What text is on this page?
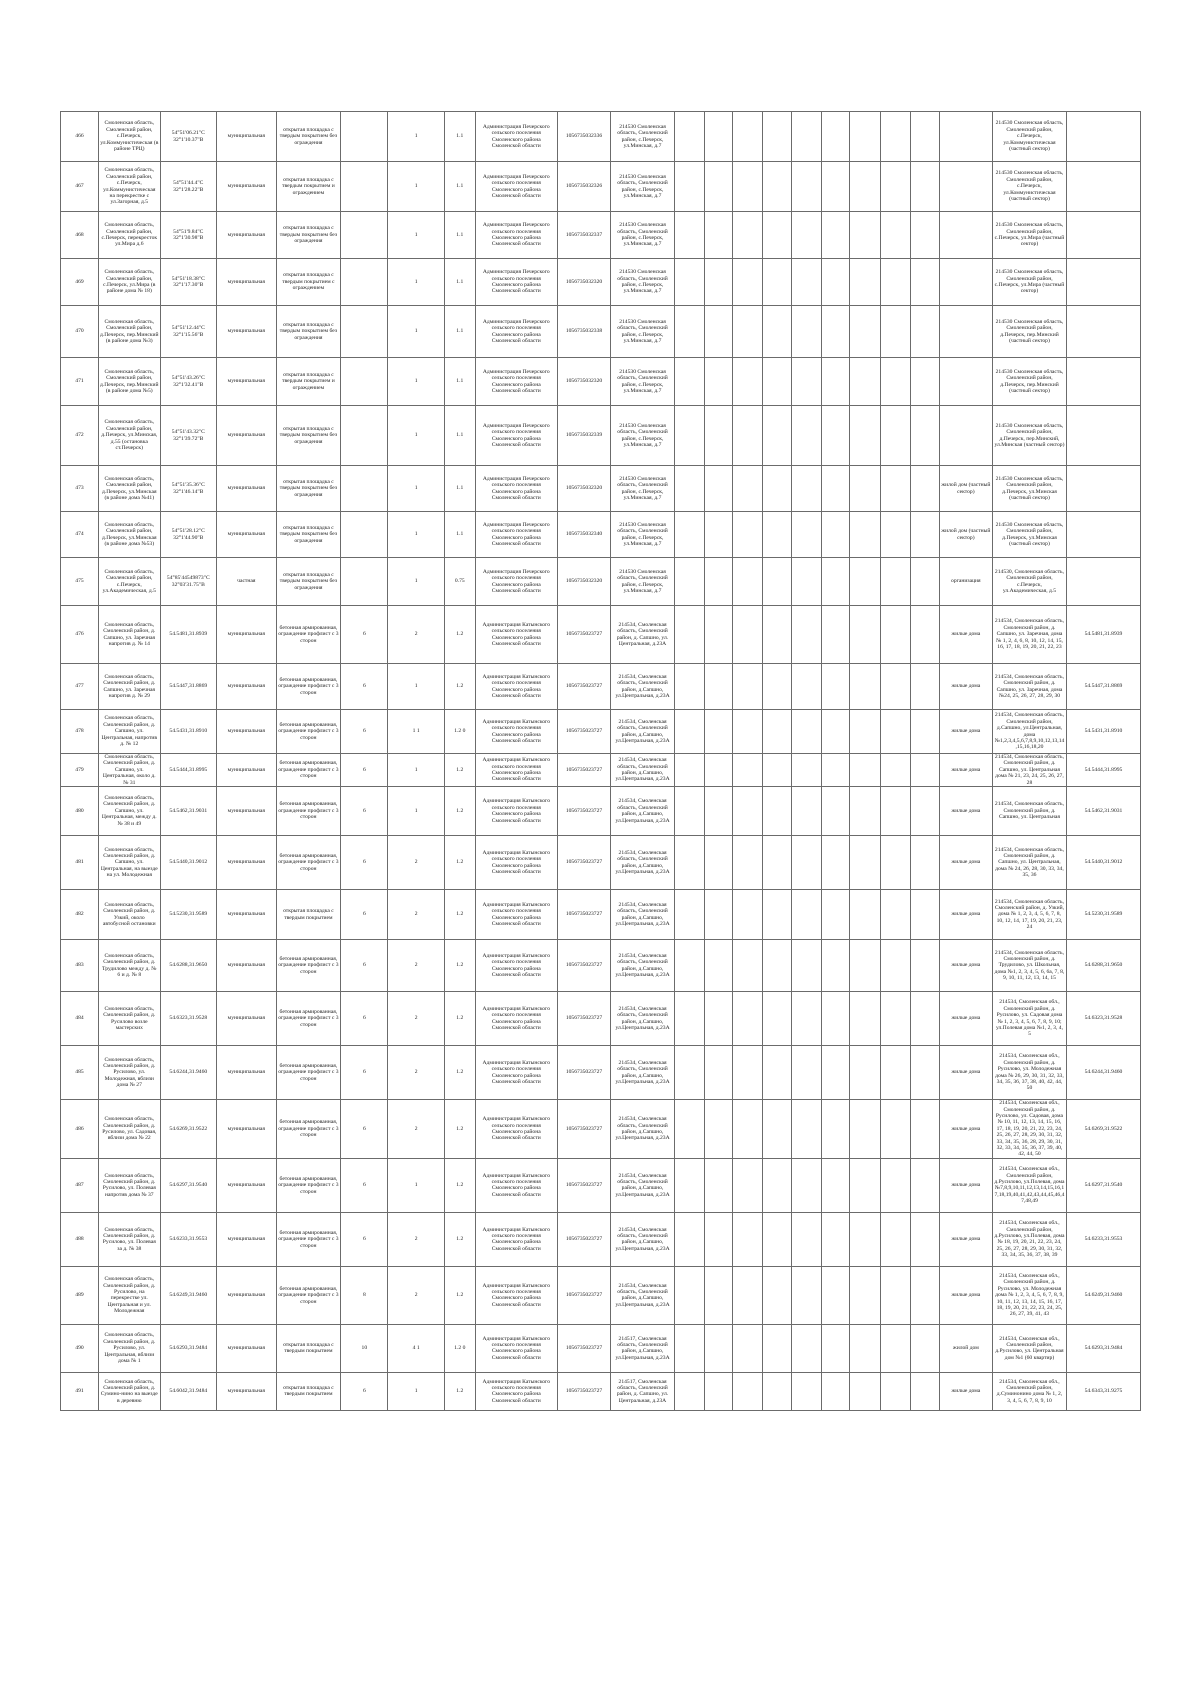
466	Смоленская область, Смоленский район, с.Печерск, ул.Коммунистическая (в районе ТРЦ)	54°51'06.21"С 32°1'10.37"В	муниципальная	открытая площадка с твердым покрытием без ограждения		1	1.1	Администрация Печерского сельского поселения Смоленского района Смоленской области	1056735032336	214530 Смоленская область, Смоленский район, с.Печерск, ул.Минская, д.7											214530 Смоленская область, Смоленский район, с.Печерск, ул.Коммунистическая (частный сектор)	
467	Смоленская область, Смоленский район, с.Печерск, ул.Коммунистическая на перекрестке с ул.Загорная, д.5	54°51'44.4"С 32°1'28.22"В	муниципальная	открытая площадка с твердым покрытием и ограждением		1	1.1	Администрация Печерского сельского поселения Смоленского района Смоленской области	1056735032326	214530 Смоленская область, Смоленский район, с.Печерск, ул.Минская, д.7											214530 Смоленская область, Смоленский район, с.Печерск, ул.Коммунистическая (частный сектор)	
468	Смоленская область, Смоленский район, с.Печерск, перекресток ул.Мира д.6	54°51'9.84"С 32°1'30.98"В	муниципальная	открытая площадка с твердым покрытием без ограждения		1	1.1	Администрация Печерского сельского поселения Смоленского района Смоленской области	1056735032337	214530 Смоленская область, Смоленский район, с.Печерск, ул.Минская, д.7											214530 Смоленская область, Смоленский район, с.Печерск, ул.Мира (частный сектор)	
469	Смоленская область, Смоленский район, с.Печерск, ул.Мира (в районе дома № 18)	54°51'18.38"С 32°1'17.30"В	муниципальная	открытая площадка с твердым покрытием с ограждением		1	1.1	Администрация Печерского сельского поселения Смоленского района Смоленской области	1056735032320	214530 Смоленская область, Смоленский район, с.Печерск, ул.Минская, д.7											214530 Смоленская область, Смоленский район, с.Печерск, ул.Мира (частный сектор)	
470	Смоленская область, Смоленский район, д.Печерск, пер.Минский (в районе дома №3)	54°51'12.44"С 32°1'15.56"В	муниципальная	открытая площадка с твердым покрытием без ограждения		1	1.1	Администрация Печерского сельского поселения Смоленского района Смоленской области	1056735032338	214530 Смоленская область, Смоленский район, с.Печерск, ул.Минская, д.7											214530 Смоленская область, Смоленский район, д.Печерск, пер.Минский (частный сектор)	
471	Смоленская область, Смоленский район, д.Печерск, пер.Минский (в районе дома №5)	54°51'43.26"С 32°1'32.41"В	муниципальная	открытая площадка с твердым покрытием и ограждением		1	1.1	Администрация Печерского сельского поселения Смоленского района Смоленской области	1056735032320	214530 Смоленская область, Смоленский район, с.Печерск, ул.Минская, д.7											214530 Смоленская область, Смоленский район, д.Печерск, пер.Минский (частный сектор)	
472	Смоленская область, Смоленский район, д.Печерск, ул.Минская, д.55 (остановка ст.Печерск)	54°51'43.32"С 32°1'39.72"В	муниципальная	открытая площадка с твердым покрытием без ограждения		1	1.1	Администрация Печерского сельского поселения Смоленского района Смоленской области	1056735032339	214530 Смоленская область, Смоленский район, с.Печерск, ул.Минская, д.7											214530 Смоленская область, Смоленский район, д.Печерск, пер.Минский, ул.Минская (частный сектор)	
473	Смоленская область, Смоленский район, д.Печерск, ул.Минская (в районе дома №41)	54°51'35.36"С 32°1'46.14"В	муниципальная	открытая площадка с твердым покрытием без ограждения		1	1.1	Администрация Печерского сельского поселения Смоленского района Смоленской области	1056735032320	214530 Смоленская область, Смоленский район, с.Печерск, ул.Минская, д.7										жилой дом (частный сектор)	214530 Смоленская область, Смоленский район, д.Печерск, ул.Минская (частный сектор)	
474	Смоленская область, Смоленский район, д.Печерск, ул.Минская (в районе дома №53)	54°51'28.12"С 32°1'44.90"В	муниципальная	открытая площадка с твердым покрытием без ограждения		1	1.1	Администрация Печерского сельского поселения Смоленского района Смоленской области	1056735032340	214530 Смоленская область, Смоленский район, с.Печерск, ул.Минская, д.7										жилой дом (частный сектор)	214530 Смоленская область, Смоленский район, д.Печерск, ул.Минская (частный сектор)	
475	Смоленская область, Смоленский район, с.Печерск, ул.Академическая, д.5	54°85'44549873"С 32°03'31.75"В	частная	открытая площадка с твердым покрытием без ограждения		1	0.75	Администрация Печерского сельского поселения Смоленского района Смоленской области	1056735032320	214530 Смоленская область, Смоленский район, с.Печерск, ул.Минская, д.7										организация	214530, Смоленская область, Смоленский район, с.Печерск, ул.Академическая, д.5	
476	Смоленская область, Смоленский район, д. Сапшно, ул. Заречная напротив д. № 14	54.5481,31.8939	муниципальная	бетонная армированная, ограждение профлист с 3 сторон	6	2	1.2	Администрация Катынского сельского поселения Смоленского района Смоленской области	1056735023727	214534, Смоленская область, Смоленский район, д. Сапшно, ул. Центральная, д.23А										жилые дома	214534, Смоленская область, Смоленский район, д. Сапшно, ул. Заречная, дома № 1, 2, 4, 6, 8, 10, 12, 14, 15, 16, 17, 18, 19, 20, 21, 22, 23	54.5481,31.8939
477	Смоленская область, Смоленский район, д. Сапшно, ул. Заречная напротив д. № 29	54.5447,31.8869	муниципальная	бетонная армированная, ограждение профлист с 3 сторон	6	1	1.2	Администрация Катынского сельского поселения Смоленского района Смоленской области	1056735023727	214534, Смоленская область, Смоленский район, д.Сапшно, ул.Центральная, д.23А										жилые дома	214534, Смоленская область, Смоленский район, д. Сапшно, ул. Заречная, дома №24, 25, 26, 27, 28, 29, 30	54.5447,31.8869
478	Смоленская область, Смоленский район, д. Сапшно, ул. Центральная, напротив д. № 12	54.5431,31.8910	муниципальная	бетонная армированная, ограждение профлист с 3 сторон	6	1 1	1.2 0	Администрация Катынского сельского поселения Смоленского района Смоленской области	1056735023727	214534, Смоленская область, Смоленский район, д.Сапшно, ул.Центральная, д.23А										жилые дома	214534, Смоленская область, Смоленский район, д.Сапшно, ул.Центральная, дома №1,2,3,4,5,6,7,8,9,10,12,13,14,15,16,18,20	54.5431,31.8910
479	Смоленская область, Смоленский район, д. Сапшно, ул. Центральная, около д. № 31	54.5444,31.8995	муниципальная	бетонная армированная, ограждение профлист с 3 сторон	6	1	1.2	Администрация Катынского сельского поселения Смоленского района Смоленской области	1056735023727	214534, Смоленская область, Смоленский район, д.Сапшно, ул.Центральная, д.23А										жилые дома	214534, Смоленская область, Смоленский район, д. Сапшно, ул. Центральная дома № 21, 23, 24, 25, 26, 27, 28	54.5444,31.8995
480	Смоленская область, Смоленский район, д. Сапшно, ул. Центральная, между д. № 38 и 49	54.5462,31.9031	муниципальная	бетонная армированная, ограждение профлист с 3 сторон	6	1	1.2	Администрация Катынского сельского поселения Смоленского района Смоленской области	1056735023727	214534, Смоленская область, Смоленский район, д.Сапшно, ул.Центральная, д.23А										жилые дома	214534, Смоленская область, Смоленский район, д. Сапшно, ул. Центральная	54.5462,31.9031
481	Смоленская область, Смоленский район, д. Сапшно, ул. Центральная, на выезде на ул. Молодежная	54.5440,31.9012	муниципальная	бетонная армированная, ограждение профлист с 3 сторон	6	2	1.2	Администрация Катынского сельского поселения Смоленского района Смоленской области	1056735023727	214534, Смоленская область, Смоленский район, д.Сапшно, ул.Центральная, д.23А										жилые дома	214534, Смоленская область, Смоленский район, д. Сапшно, ул. Центральная, дома № 24, 26, 28, 30, 33, 34, 35, 36	54.5440,31.9012
482	Смоленская область, Смоленский район, д. Узкий, около автобусной остановки	54.5230,31.9589	муниципальная	открытая площадка с твердым покрытием	6	2	1.2	Администрация Катынского сельского поселения Смоленского района Смоленской области	1056735023727	214534, Смоленская область, Смоленский район, д.Сапшно, ул.Центральная, д.23А										жилые дома	214534, Смоленская область, Смоленский район, д. Узкий, дома № 1, 2, 3, 4, 5, 6, 7, 8, 10, 12, 14, 17, 19, 20, 21, 23, 24	54.5230,31.9589
483	Смоленская область, Смоленский район, д. Трудилово между д. № 6 и д. № 8	54.6288,31.9650	муниципальная	бетонная армированная, ограждение профлист с 3 сторон	6	2	1.2	Администрация Катынского сельского поселения Смоленского района Смоленской области	1056735023727	214534, Смоленская область, Смоленский район, д.Сапшно, ул.Центральная, д.23А										жилые дома	214534, Смоленская область, Смоленский район, д. Трудилово, ул. Школьная, дома №1, 2, 3, 4, 5, 6, 6а, 7, 8, 9, 10, 11, 12, 13, 14, 15	54.6288,31.9650
484	Смоленская область, Смоленский район, д. Русилово возле мастерских	54.6323,31.9528	муниципальная	бетонная армированная, ограждение профлист с 3 сторон	6	2	1.2	Администрация Катынского сельского поселения Смоленского района Смоленской области	1056735023727	214534, Смоленская область, Смоленский район, д.Сапшно, ул.Центральная, д.23А										жилые дома	214534, Смоленская обл., Смоленский район, д. Русилово, ул. Садовая дома № 1, 2, 3, 4, 5, 6, 7, 8, 9, 10; ул.Полевая дома №1, 2, 3, 4, 5	54.6323,31.9528
485	Смоленская область, Смоленский район, д. Русилово, ул. Молодежная, вблизи дома № 27	54.6244,31.9460	муниципальная	бетонная армированная, ограждение профлист с 3 сторон	6	2	1.2	Администрация Катынского сельского поселения Смоленского района Смоленской области	1056735023727	214534, Смоленская область, Смоленский район, д.Сапшно, ул.Центральная, д.23А										жилые дома	214534, Смоленская обл., Смоленский район, д. Русилово, ул. Молодежная дома № 26, 29, 30, 31, 32, 33, 34, 35, 36, 37, 38, 40, 42, 44, 50	54.6244,31.9460
486	Смоленская область, Смоленский район, д. Русилово, ул. Садовая, вблизи дома № 22	54.6269,31.9522	муниципальная	бетонная армированная, ограждение профлист с 3 сторон	6	2	1.2	Администрация Катынского сельского поселения Смоленского района Смоленской области	1056735023727	214534, Смоленская область, Смоленский район, д.Сапшно, ул.Центральная, д.23А										жилые дома	214534, Смоленская обл., Смоленский район, д. Русилово, ул. Садовая, дома № 10, 11, 12, 13, 14, 15, 16, 17, 18, 19, 20, 21, 22, 23, 24, 25, 26, 27, 28, 29, 30, 31, 32, 33, 34, 35, 36, 28, 29, 30, 31, 32, 33, 34, 35, 36, 37, 39, 40, 42, 44, 50	54.6269,31.9522
487	Смоленская область, Смоленский район, д. Русилово, ул. Полевая напротив дома № 37	54.6297,31.9540	муниципальная	бетонная армированная, ограждение профлист с 3 сторон	6	1	1.2	Администрация Катынского сельского поселения Смоленского района Смоленской области	1056735023727	214534, Смоленская область, Смоленский район, д.Сапшно, ул.Центральная, д.23А										жилые дома	214534, Смоленская обл., Смоленский район, д.Русилово, ул.Полевая, дома №7,8,9,10,11,12,13,14,15,16,17,18,19,40,41,42,43,44,45,46,47,48,49	54.6297,31.9540
488	Смоленская область, Смоленский район, д. Русилово, ул. Полевая за д. № 38	54.6233,31.9553	муниципальная	бетонная армированная, ограждение профлист с 3 сторон	6	2	1.2	Администрация Катынского сельского поселения Смоленского района Смоленской области	1056735023727	214534, Смоленская область, Смоленский район, д.Сапшно, ул.Центральная, д.23А										жилые дома	214534, Смоленская обл., Смоленский район, д.Русилово, ул.Полевая, дома № 18, 19, 20, 21, 22, 23, 24, 25, 26, 27, 28, 29, 30, 31, 32, 33, 34, 35, 36, 37, 38, 39	54.6233,31.9553
489	Смоленская область, Смоленский район, д. Русилово, на перекрестке ул. Центральная и ул. Молодежная	54.6249,31.9460	муниципальная	бетонная армированная, ограждение профлист с 3 сторон	8	2	1.2	Администрация Катынского сельского поселения Смоленского района Смоленской области	1056735023727	214534, Смоленская область, Смоленский район, д.Сапшно, ул.Центральная, д.23А										жилые дома	214534, Смоленская обл., Смоленский район, д. Русилово, ул. Молодежная дома № 1, 2, 3, 4, 5, 6, 7, 8, 9, 10, 11, 12, 13, 14, 15, 16, 17, 18, 19, 20, 21, 22, 23, 24, 25, 26, 27, 39, 41, 43	54.6249,31.9460
490	Смоленская область, Смоленский район, д. Русилово, ул. Центральная, вблизи дома № 1	54.6293,31.9484	муниципальная	открытая площадка с твердым покрытием	10	4 1	1.2 0	Администрация Катынского сельского поселения Смоленского района Смоленской области	1056735023727	214517, Смоленская область, Смоленский район, д.Сапшно, ул.Центральная, д.23А										жилой дом	214534, Смоленская обл., Смоленский район, д.Русилово, ул. Центральная дом №1 (60 квартир)	54.6293,31.9484
491	Смоленская область, Смоленский район, д. Сумино-нино на выезде в деревню	54.6042,31.9484	муниципальная	открытая площадка с твердым покрытием	6	1	1.2	Администрация Катынского сельского поселения Смоленского района Смоленской области	1056735023727	214517, Смоленская область, Смоленский район, д. Сапшно, ул. Центральная, д.23А										жилые дома	214534, Смоленская обл., Смоленский район, д.Суминонино дома № 1, 2, 3, 4, 5, 6, 7, 8, 9, 10	54.6343,31.9275
